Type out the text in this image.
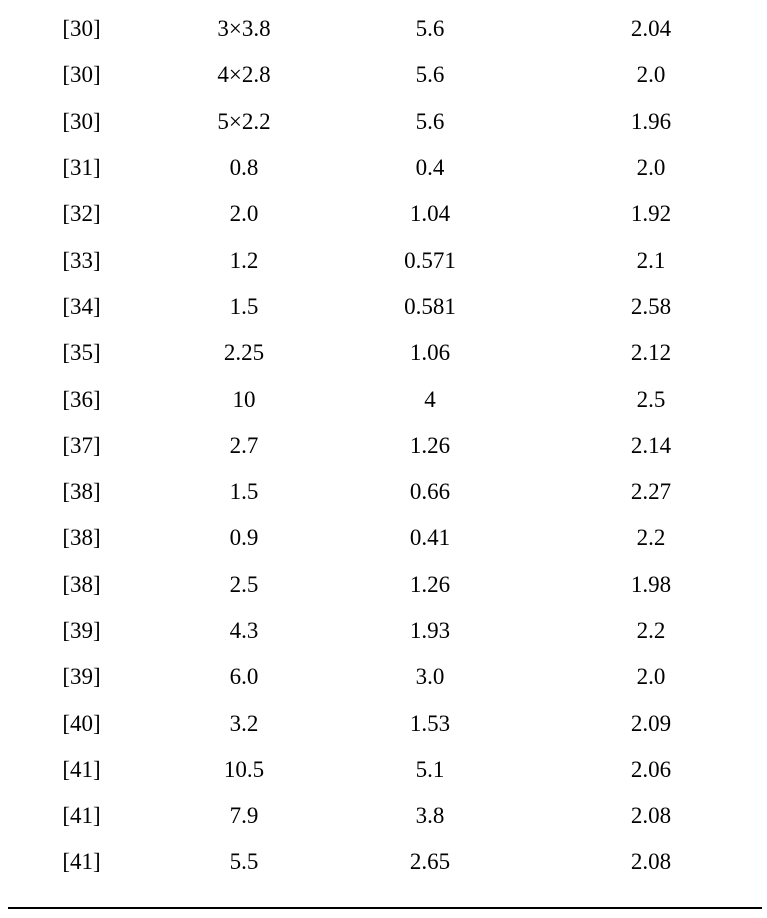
[30]	3×3.8	5.6	2.04
[30]	4×2.8	5.6	2.0
[30]	5×2.2	5.6	1.96
[31]	0.8	0.4	2.0
[32]	2.0	1.04	1.92
[33]	1.2	0.571	2.1
[34]	1.5	0.581	2.58
[35]	2.25	1.06	2.12
[36]	10	4	2.5
[37]	2.7	1.26	2.14
[38]	1.5	0.66	2.27
[38]	0.9	0.41	2.2
[38]	2.5	1.26	1.98
[39]	4.3	1.93	2.2
[39]	6.0	3.0	2.0
[40]	3.2	1.53	2.09
[41]	10.5	5.1	2.06
[41]	7.9	3.8	2.08
[41]	5.5	2.65	2.08
